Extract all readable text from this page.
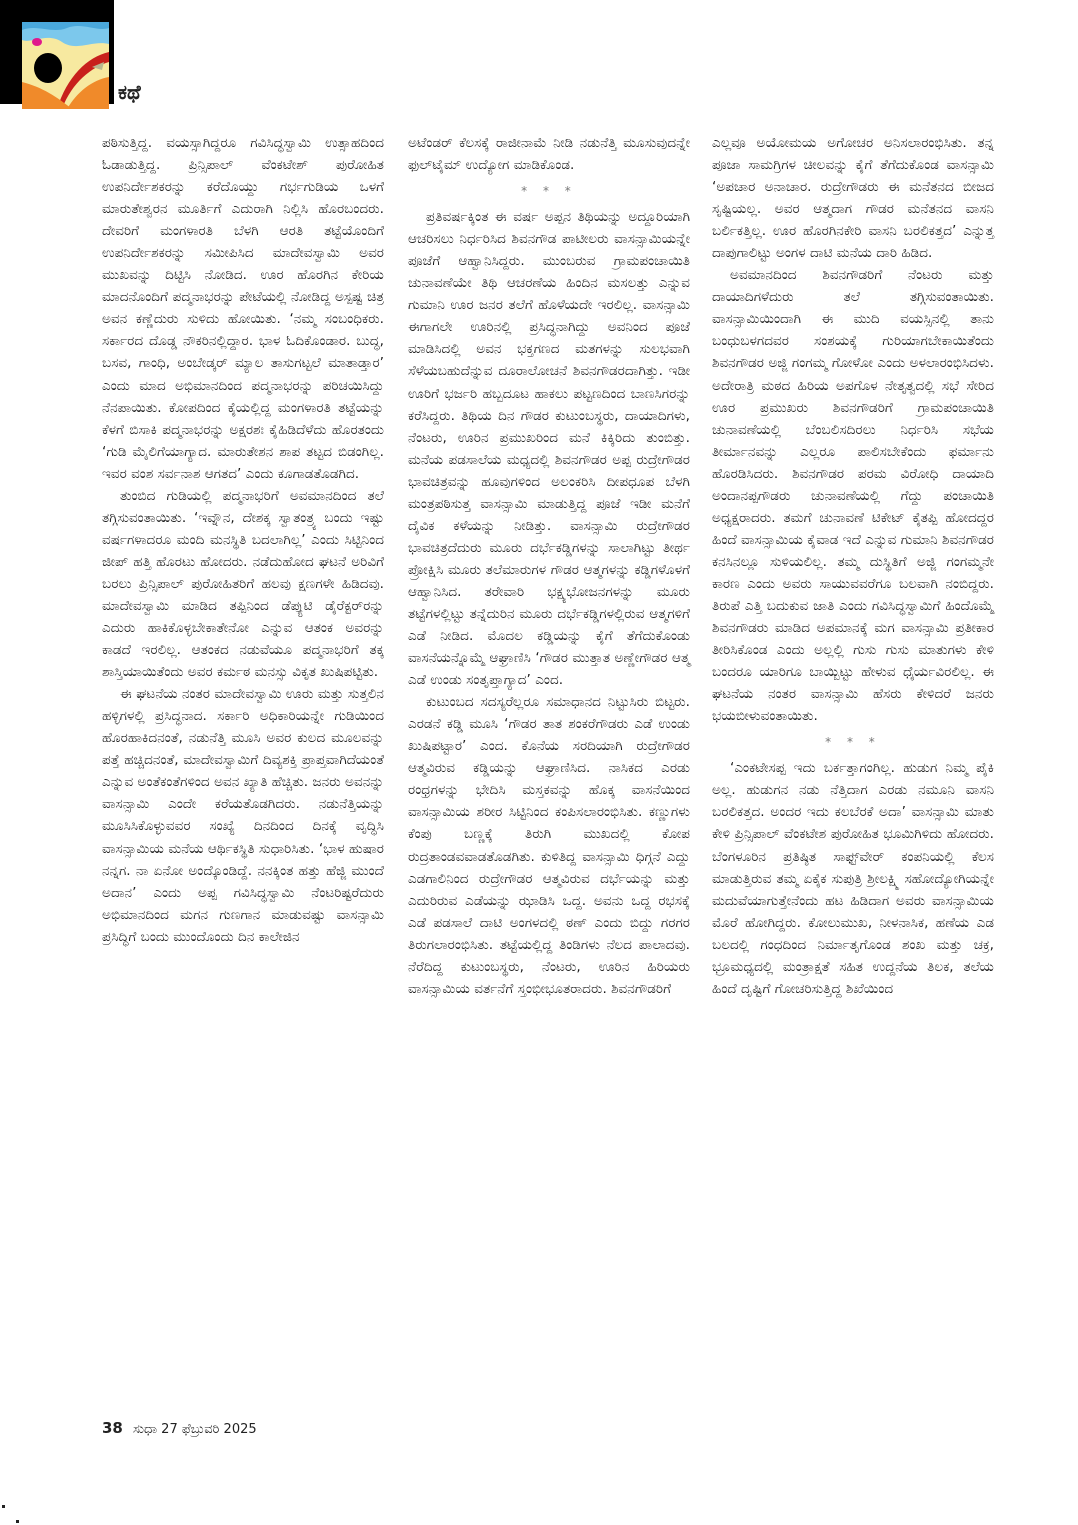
ಕಥೆ

ಪಠಿಸುತ್ತಿದ್ದ. ವಯಸ್ಸಾಗಿದ್ದರೂ ಗವಿಸಿದ್ಧಸ್ವಾಮಿ ಉತ್ಸಾಹದಿಂದ ಓಡಾಡುತ್ತಿದ್ದ. ಪ್ರಿನ್ಸಿಪಾಲ್ ವೆಂಕಟೇಶ್ ಪುರೋಹಿತ ಉಪನಿರ್ದೇಶಕರನ್ನು ಕರೆದೊಯ್ದು ಗರ್ಭಗುಡಿಯ ಒಳಗೆ ಮಾರುತೇಶ್ವರನ ಮೂರ್ತಿಗೆ ಎದುರಾಗಿ ನಿಲ್ಲಿಸಿ ಹೊರಬಂದರು. ದೇವರಿಗೆ ಮಂಗಳಾರತಿ ಬೆಳಗಿ ಆರತಿ ತಟ್ಟೆಯೊಂದಿಗೆ ಉಪನಿರ್ದೇಶಕರನ್ನು ಸಮೀಪಿಸಿದ ಮಾದೇವಸ್ವಾಮಿ ಅವರ ಮುಖವನ್ನು ದಿಟ್ಟಿಸಿ ನೋಡಿದ. ಊರ ಹೊರಗಿನ ಕೇರಿಯ ಮಾದನೊಂದಿಗೆ ಪದ್ಮನಾಭರನ್ನು ಪೇಟೆಯಲ್ಲಿ ನೋಡಿದ್ದ ಅಸ್ಪಷ್ಟ ಚಿತ್ರ ಅವನ ಕಣ್ಣೆದುರು ಸುಳಿದು ಹೋಯಿತು. ‘ನಮ್ಮ ಸಂಬಂಧಿಕರು. ಸರ್ಕಾರದ ದೊಡ್ಡ ನೌಕರಿನಲ್ಲಿದ್ದಾರ. ಭಾಳ ಓದಿಕೊಂಡಾರ. ಬುದ್ಧ, ಬಸವ, ಗಾಂಧಿ, ಅಂಬೇಡ್ಕರ್ ಮ್ಯಾಲ ತಾಸುಗಟ್ಟಲೆ ಮಾತಾಡ್ತಾರ’ ಎಂದು ಮಾದ ಅಭಿಮಾನದಿಂದ ಪದ್ಮನಾಭರನ್ನು ಪರಿಚಯಿಸಿದ್ದು ನೆನಪಾಯಿತು. ಕೋಪದಿಂದ ಕೈಯಲ್ಲಿದ್ದ ಮಂಗಳಾರತಿ ತಟ್ಟೆಯನ್ನು ಕೆಳಗೆ ಬಿಸಾಕಿ ಪದ್ಮನಾಭರನ್ನು ಅಕ್ಷರಶಃ ಕೈಹಿಡಿದೆಳೆದು ಹೊರತಂದು ‘ಗುಡಿ ಮೈಲಿಗೆಯಾಗ್ಯಾದ. ಮಾರುತೇಶನ ಶಾಪ ತಟ್ಟದ ಬಿಡಂಗಿಲ್ಲ. ಇವರ ವಂಶ ಸರ್ವನಾಶ ಆಗತದ’ ಎಂದು ಕೂಗಾಡತೊಡಗಿದ.

ತುಂಬಿದ ಗುಡಿಯಲ್ಲಿ ಪದ್ಮನಾಭರಿಗೆ ಅವಮಾನದಿಂದ ತಲೆ ತಗ್ಗಿಸುವಂತಾಯಿತು. ‘ಇವ್ನೌನ, ದೇಶಕ್ಕ ಸ್ವಾತಂತ್ರ್ಯ ಬಂದು ಇಷ್ಟು ವರ್ಷಗಳಾದರೂ ಮಂದಿ ಮನಸ್ಥಿತಿ ಬದಲಾಗಿಲ್ಲ’ ಎಂದು ಸಿಟ್ಟಿನಿಂದ ಜೀಪ್ ಹತ್ತಿ ಹೊರಟು ಹೋದರು. ನಡೆದುಹೋದ ಘಟನೆ ಅರಿವಿಗೆ ಬರಲು ಪ್ರಿನ್ಸಿಪಾಲ್ ಪುರೋಹಿತರಿಗೆ ಹಲವು ಕ್ಷಣಗಳೇ ಹಿಡಿದವು. ಮಾದೇವಸ್ವಾಮಿ ಮಾಡಿದ ತಪ್ಪಿನಿಂದ ಡೆಪ್ಯುಟಿ ಡೈರೆಕ್ಟರ್‌ರನ್ನು ಎದುರು ಹಾಕಿಕೊಳ್ಳಬೇಕಾತೇನೋ ಎನ್ನುವ ಆತಂಕ ಅವರನ್ನು ಕಾಡದೆ ಇರಲಿಲ್ಲ. ಆತಂಕದ ನಡುವೆಯೂ ಪದ್ಮನಾಭರಿಗೆ ತಕ್ಕ ಶಾಸ್ತಿಯಾಯಿತೆಂದು ಅವರ ಕರ್ಮಠ ಮನಸ್ಸು ವಿಕೃತ ಖುಷಿಪಟ್ಟಿತು.

ಈ ಘಟನೆಯ ನಂತರ ಮಾದೇವಸ್ವಾಮಿ ಊರು ಮತ್ತು ಸುತ್ತಲಿನ ಹಳ್ಳಿಗಳಲ್ಲಿ ಪ್ರಸಿದ್ಧನಾದ. ಸರ್ಕಾರಿ ಅಧಿಕಾರಿಯನ್ನೇ ಗುಡಿಯಿಂದ ಹೊರಹಾಕಿದನಂತೆ, ನಡುನೆತ್ತಿ ಮೂಸಿ ಅವರ ಕುಲದ ಮೂಲವನ್ನು ಪತ್ತೆ ಹಚ್ಚಿದನಂತೆ, ಮಾದೇವಸ್ವಾಮಿಗೆ ದಿವ್ಯಶಕ್ತಿ ಪ್ರಾಪ್ತವಾಗಿದೆಯಂತೆ ಎನ್ನುವ ಅಂತೆಕಂತೆಗಳಿಂದ ಅವನ ಖ್ಯಾತಿ ಹೆಚ್ಚಿತು. ಜನರು ಅವನನ್ನು ವಾಸನ್ಸಾಮಿ ಎಂದೇ ಕರೆಯತೊಡಗಿದರು. ನಡುನೆತ್ತಿಯನ್ನು ಮೂಸಿಸಿಕೊಳ್ಳುವವರ ಸಂಖ್ಯೆ ದಿನದಿಂದ ದಿನಕ್ಕೆ ವೃದ್ಧಿಸಿ ವಾಸನ್ಸಾಮಿಯ ಮನೆಯ ಆರ್ಥಿಕಸ್ಥಿತಿ ಸುಧಾರಿಸಿತು. ‘ಭಾಳ ಹುಷಾರ ನನ್ನಗ. ನಾ ಏನೋ ಅಂದ್ಕೊಂಡಿದ್ದೆ. ನನಕ್ಕಿಂತ ಹತ್ತು ಹೆಜ್ಜಿ ಮುಂದೆ ಅದಾನ’ ಎಂದು ಅಪ್ಪ ಗವಿಸಿದ್ಧಸ್ವಾಮಿ ನೆಂಟರಿಷ್ಟರೆದುರು ಅಭಿಮಾನದಿಂದ ಮಗನ ಗುಣಗಾನ ಮಾಡುವಷ್ಟು ವಾಸನ್ಸಾಮಿ ಪ್ರಸಿದ್ಧಿಗೆ ಬಂದು ಮುಂದೊಂದು ದಿನ ಕಾಲೇಜಿನ

ಅಟೆಂಡರ್ ಕೆಲಸಕ್ಕೆ ರಾಜೀನಾಮೆ ನೀಡಿ ನಡುನೆತ್ತಿ ಮೂಸುವುದನ್ನೇ ಫುಲ್‌ಟೈಮ್ ಉದ್ಯೋಗ ಮಾಡಿಕೊಂಡ.

* * *

ಪ್ರತಿವರ್ಷಕ್ಕಿಂತ ಈ ವರ್ಷ ಅಪ್ಪನ ತಿಥಿಯನ್ನು ಅದ್ದೂರಿಯಾಗಿ ಆಚರಿಸಲು ನಿರ್ಧರಿಸಿದ ಶಿವನಗೌಡ ಪಾಟೀಲರು ವಾಸನ್ಸಾಮಿಯನ್ನೇ ಪೂಜೆಗೆ ಆಹ್ವಾನಿಸಿದ್ದರು. ಮುಂಬರುವ ಗ್ರಾಮಪಂಚಾಯಿತಿ ಚುನಾವಣೆಯೇ ತಿಥಿ ಆಚರಣೆಯ ಹಿಂದಿನ ಮಸಲತ್ತು ಎನ್ನುವ ಗುಮಾನಿ ಊರ ಜನರ ತಲೆಗೆ ಹೊಳೆಯದೇ ಇರಲಿಲ್ಲ. ವಾಸನ್ಸಾಮಿ ಈಗಾಗಲೇ ಊರಿನಲ್ಲಿ ಪ್ರಸಿದ್ಧನಾಗಿದ್ದು ಅವನಿಂದ ಪೂಜೆ ಮಾಡಿಸಿದಲ್ಲಿ ಅವನ ಭಕ್ತಗಣದ ಮತಗಳನ್ನು ಸುಲಭವಾಗಿ ಸೆಳೆಯಬಹುದೆನ್ನುವ ದೂರಾಲೋಚನೆ ಶಿವನಗೌಡರದಾಗಿತ್ತು. ಇಡೀ ಊರಿಗೆ ಭರ್ಜರಿ ಹಬ್ಬದೂಟ ಹಾಕಲು ಪಟ್ಟಣದಿಂದ ಬಾಣಸಿಗರನ್ನು ಕರೆಸಿದ್ದರು. ತಿಥಿಯ ದಿನ ಗೌಡರ ಕುಟುಂಬಸ್ಥರು, ದಾಯಾದಿಗಳು, ನೆಂಟರು, ಊರಿನ ಪ್ರಮುಖರಿಂದ ಮನೆ ಕಿಕ್ಕಿರಿದು ತುಂಬಿತ್ತು. ಮನೆಯ ಪಡಸಾಲೆಯ ಮಧ್ಯದಲ್ಲಿ ಶಿವನಗೌಡರ ಅಪ್ಪ ರುದ್ರೇಗೌಡರ ಭಾವಚಿತ್ರವನ್ನು ಹೂವುಗಳಿಂದ ಅಲಂಕರಿಸಿ ದೀಪಧೂಪ ಬೆಳಗಿ ಮಂತ್ರಪಠಿಸುತ್ತ ವಾಸನ್ಸಾಮಿ ಮಾಡುತ್ತಿದ್ದ ಪೂಜೆ ಇಡೀ ಮನೆಗೆ ದೈವಿಕ ಕಳೆಯನ್ನು ನೀಡಿತ್ತು. ವಾಸನ್ಸಾಮಿ ರುದ್ರೇಗೌಡರ ಭಾವಚಿತ್ರದೆದುರು ಮೂರು ದರ್ಭೆಕಡ್ಡಿಗಳನ್ನು ಸಾಲಾಗಿಟ್ಟು ತೀರ್ಥ ಪ್ರೋಕ್ಷಿಸಿ ಮೂರು ತಲೆಮಾರುಗಳ ಗೌಡರ ಆತ್ಮಗಳನ್ನು ಕಡ್ಡಿಗಳೊಳಗೆ ಆಹ್ವಾನಿಸಿದ. ತರೇವಾರಿ ಭಕ್ಷ್ಯಭೋಜನಗಳನ್ನು ಮೂರು ತಟ್ಟೆಗಳಲ್ಲಿಟ್ಟು ತನ್ನೆದುರಿನ ಮೂರು ದರ್ಭೆಕಡ್ಡಿಗಳಲ್ಲಿರುವ ಆತ್ಮಗಳಿಗೆ ಎಡೆ ನೀಡಿದ. ಮೊದಲ ಕಡ್ಡಿಯನ್ನು ಕೈಗೆ ತೆಗೆದುಕೊಂಡು ವಾಸನೆಯನ್ನೊಮ್ಮೆ ಆಘ್ರಾಣಿಸಿ ‘ಗೌಡರ ಮುತ್ತಾತ ಅಣ್ಣೇಗೌಡರ ಆತ್ಮ ಎಡೆ ಉಂಡು ಸಂತೃಪ್ತಾಗ್ಯಾದ’ ಎಂದ.

ಕುಟುಂಬದ ಸದಸ್ಯರೆಲ್ಲರೂ ಸಮಾಧಾನದ ನಿಟ್ಟುಸಿರು ಬಿಟ್ಟರು. ಎರಡನೆ ಕಡ್ಡಿ ಮೂಸಿ ‘ಗೌಡರ ತಾತ ಶಂಕರೆಗೌಡರು ಎಡೆ ಉಂಡು ಖುಷಿಪಟ್ಟಾರ’ ಎಂದ. ಕೊನೆಯ ಸರದಿಯಾಗಿ ರುದ್ರೇಗೌಡರ ಆತ್ಮವಿರುವ ಕಡ್ಡಿಯನ್ನು ಆಘ್ರಾಣಿಸಿದ. ನಾಸಿಕದ ಎರಡು ರಂಧ್ರಗಳನ್ನು ಭೇದಿಸಿ ಮಸ್ತಕವನ್ನು ಹೊಕ್ಕ ವಾಸನೆಯಿಂದ ವಾಸನ್ಸಾಮಿಯ ಶರೀರ ಸಿಟ್ಟಿನಿಂದ ಕಂಪಿಸಲಾರಂಭಿಸಿತು. ಕಣ್ಣುಗಳು ಕೆಂಪು ಬಣ್ಣಕ್ಕೆ ತಿರುಗಿ ಮುಖದಲ್ಲಿ ಕೋಪ ರುದ್ರತಾಂಡವವಾಡತೊಡಗಿತು. ಕುಳಿತಿದ್ದ ವಾಸನ್ಸಾಮಿ ಧಿಗ್ಗನೆ ಎದ್ದು ಎಡಗಾಲಿನಿಂದ ರುದ್ರೇಗೌಡರ ಆತ್ಮವಿರುವ ದರ್ಭೆಯನ್ನು ಮತ್ತು ಎದುರಿರುವ ಎಡೆಯನ್ನು ಝಾಡಿಸಿ ಒದ್ದ. ಅವನು ಒದ್ದ ರಭಸಕ್ಕೆ ಎಡೆ ಪಡಸಾಲೆ ದಾಟಿ ಅಂಗಳದಲ್ಲಿ ಠಣ್ ಎಂದು ಬಿದ್ದು ಗರಗರ ತಿರುಗಲಾರಂಭಿಸಿತು. ತಟ್ಟೆಯಲ್ಲಿದ್ದ ತಿಂಡಿಗಳು ನೆಲದ ಪಾಲಾದವು. ನೆರೆದಿದ್ದ ಕುಟುಂಬಸ್ಥರು, ನೆಂಟರು, ಊರಿನ ಹಿರಿಯರು ವಾಸನ್ಸಾಮಿಯ ವರ್ತನೆಗೆ ಸ್ತಂಭೀಭೂತರಾದರು. ಶಿವನಗೌಡರಿಗೆ

ಎಲ್ಲವೂ ಅಯೋಮಯ ಅಗೋಚರ ಅನಿಸಲಾರಂಭಿಸಿತು. ತನ್ನ ಪೂಜಾ ಸಾಮಗ್ರಿಗಳ ಚೀಲವನ್ನು ಕೈಗೆ ತೆಗೆದುಕೊಂಡ ವಾಸನ್ಸಾಮಿ ‘ಅಪಚಾರ ಅನಾಚಾರ. ರುದ್ರೇಗೌಡರು ಈ ಮನೆತನದ ಬೀಜದ ಸೃಷ್ಟಿಯಲ್ಲ. ಅವರ ಆತ್ಮದಾಗ ಗೌಡರ ಮನೆತನದ ವಾಸನಿ ಬರ್ಲಿಕತ್ತಿಲ್ಲ. ಊರ ಹೊರಗಿನಕೇರಿ ವಾಸನಿ ಬರಲಿಕತ್ತದ’ ಎನ್ನುತ್ತ ದಾಪುಗಾಲಿಟ್ಟು ಅಂಗಳ ದಾಟಿ ಮನೆಯ ದಾರಿ ಹಿಡಿದ.

ಅವಮಾನದಿಂದ ಶಿವನಗೌಡರಿಗೆ ನೆಂಟರು ಮತ್ತು ದಾಯಾದಿಗಳೆದುರು ತಲೆ ತಗ್ಗಿಸುವಂತಾಯಿತು. ವಾಸನ್ಸಾಮಿಯಿಂದಾಗಿ ಈ ಮುದಿ ವಯಸ್ಸಿನಲ್ಲಿ ತಾನು ಬಂಧುಬಳಗದವರ ಸಂಶಯಕ್ಕೆ ಗುರಿಯಾಗಬೇಕಾಯಿತೆಂದು ಶಿವನಗೌಡರ ಅಜ್ಜಿ ಗಂಗಮ್ಮ ಗೋಳೋ ಎಂದು ಅಳಲಾರಂಭಿಸಿದಳು. ಅದೇರಾತ್ರಿ ಮಠದ ಹಿರಿಯ ಅಪಗೊಳ ನೇತೃತ್ವದಲ್ಲಿ ಸಭೆ ಸೇರಿದ ಊರ ಪ್ರಮುಖರು ಶಿವನಗೌಡರಿಗೆ ಗ್ರಾಮಪಂಚಾಯಿತಿ ಚುನಾವಣೆಯಲ್ಲಿ ಬೆಂಬಲಿಸದಿರಲು ನಿರ್ಧರಿಸಿ ಸಭೆಯ ತೀರ್ಮಾನವನ್ನು ಎಲ್ಲರೂ ಪಾಲಿಸಬೇಕೆಂದು ಫರ್ಮಾನು ಹೊರಡಿಸಿದರು. ಶಿವನಗೌಡರ ಪರಮ ವಿರೋಧಿ ದಾಯಾದಿ ಅಂದಾನಪ್ಪಗೌಡರು ಚುನಾವಣೆಯಲ್ಲಿ ಗೆದ್ದು ಪಂಚಾಯಿತಿ ಅಧ್ಯಕ್ಷರಾದರು. ತಮಗೆ ಚುನಾವಣೆ ಟಿಕೇಟ್ ಕೈತಪ್ಪಿ ಹೋದದ್ದರ ಹಿಂದೆ ವಾಸನ್ಸಾಮಿಯ ಕೈವಾಡ ಇದೆ ಎನ್ನುವ ಗುಮಾನಿ ಶಿವನಗೌಡರ ಕನಸಿನಲ್ಲೂ ಸುಳಿಯಲಿಲ್ಲ. ತಮ್ಮ ದುಸ್ಥಿತಿಗೆ ಅಜ್ಜಿ ಗಂಗಮ್ಮನೇ ಕಾರಣ ಎಂದು ಅವರು ಸಾಯುವವರೆಗೂ ಬಲವಾಗಿ ನಂಬಿದ್ದರು. ತಿರುಪೆ ಎತ್ತಿ ಬದುಕುವ ಜಾತಿ ಎಂದು ಗವಿಸಿದ್ಧಸ್ವಾಮಿಗೆ ಹಿಂದೊಮ್ಮೆ ಶಿವನಗೌಡರು ಮಾಡಿದ ಅಪಮಾನಕ್ಕೆ ಮಗ ವಾಸನ್ಸಾಮಿ ಪ್ರತೀಕಾರ ತೀರಿಸಿಕೊಂಡ ಎಂದು ಅಲ್ಲಲ್ಲಿ ಗುಸು ಗುಸು ಮಾತುಗಳು ಕೇಳಿ ಬಂದರೂ ಯಾರಿಗೂ ಬಾಯ್ಬಿಟ್ಟು ಹೇಳುವ ಧೈರ್ಯವಿರಲಿಲ್ಲ. ಈ ಘಟನೆಯ ನಂತರ ವಾಸನ್ಸಾಮಿ ಹೆಸರು ಕೇಳಿದರೆ ಜನರು ಭಯಬೀಳುವಂತಾಯಿತು.

* * *

‘ಎಂಕಟೇಸಪ್ಪ ಇದು ಬರ್ಕತ್ತಾಗಂಗಿಲ್ಲ. ಹುಡುಗ ನಿಮ್ಮ ಪೈಕಿ ಅಲ್ಲ. ಹುಡುಗನ ನಡು ನೆತ್ತಿದಾಗ ಎರಡು ನಮೂನಿ ವಾಸನಿ ಬರಲಿಕತ್ತದ. ಅಂದರ ಇದು ಕಲಬೆರಕೆ ಅದಾ’ ವಾಸನ್ಸಾಮಿ ಮಾತು ಕೇಳಿ ಪ್ರಿನ್ಸಿಪಾಲ್ ವೆಂಕಟೇಶ ಪುರೋಹಿತ ಭೂಮಿಗಿಳಿದು ಹೋದರು. ಬೆಂಗಳೂರಿನ ಪ್ರತಿಷ್ಠಿತ ಸಾಫ್ಟ್‌ವೇರ್ ಕಂಪನಿಯಲ್ಲಿ ಕೆಲಸ ಮಾಡುತ್ತಿರುವ ತಮ್ಮ ಏಕೈಕ ಸುಪುತ್ರಿ ಶ್ರೀಲಕ್ಷ್ಮಿ ಸಹೋದ್ಯೋಗಿಯನ್ನೇ ಮದುವೆಯಾಗುತ್ತೇನೆಂದು ಹಟ ಹಿಡಿದಾಗ ಅವರು ವಾಸನ್ಸಾಮಿಯ ಮೊರೆ ಹೋಗಿದ್ದರು. ಕೋಲುಮುಖ, ನೀಳನಾಸಿಕ, ಹಣೆಯ ಎಡ ಬಲದಲ್ಲಿ ಗಂಧದಿಂದ ನಿರ್ಮಾತೃಗೊಂಡ ಶಂಖ ಮತ್ತು ಚಕ್ರ, ಭ್ರೂಮಧ್ಯದಲ್ಲಿ ಮಂತ್ರಾಕ್ಷತೆ ಸಹಿತ ಉದ್ದನೆಯ ತಿಲಕ, ತಲೆಯ ಹಿಂದೆ ದೃಷ್ಟಿಗೆ ಗೋಚರಿಸುತ್ತಿದ್ದ ಶಿಖೆಯಿಂದ

38 ಸುಧಾ 27 ಫೆಬ್ರುವರಿ 2025
